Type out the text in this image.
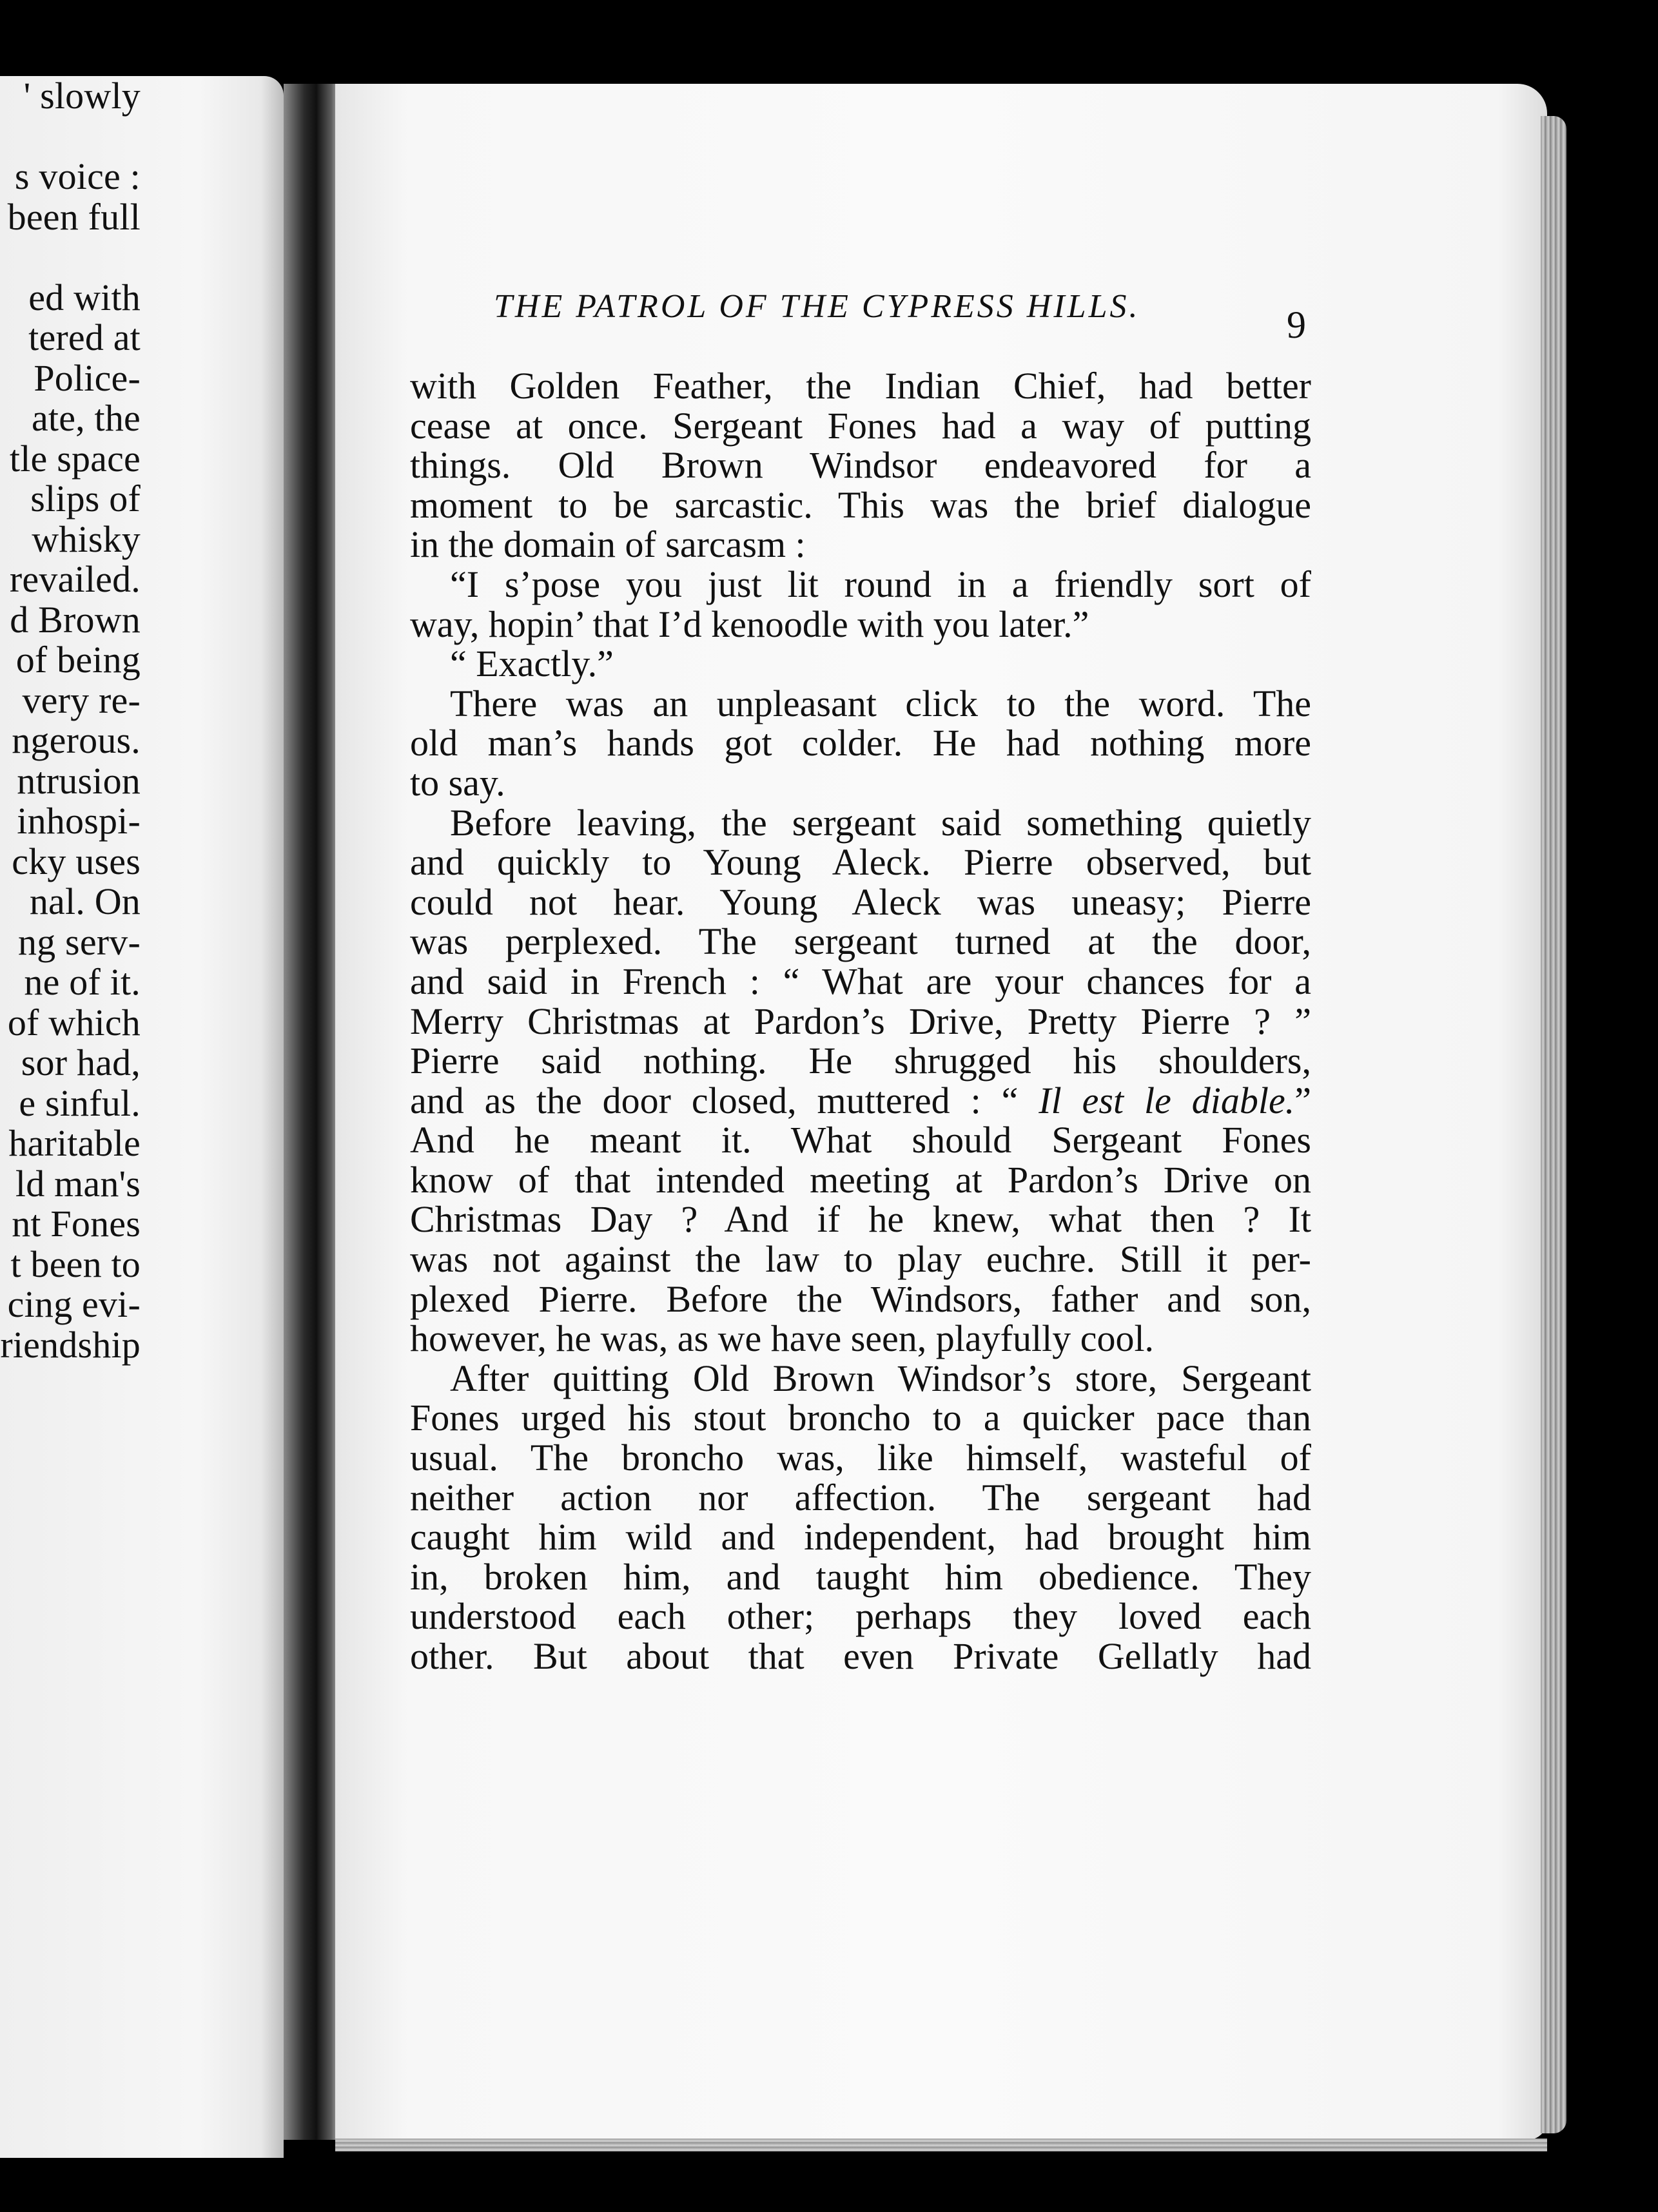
' slowly
s voice :
been full
ed with
tered at
Police-
ate, the
tle space
slips of
whisky
revailed.
d Brown
of being
very re-
ngerous.
ntrusion
inhospi-
cky uses
nal. On
ng serv-
ne of it.
of which
sor had,
e sinful.
haritable
ld man's
nt Fones
t been to
cing evi-
riendship
THE PATROL OF THE CYPRESS HILLS.	9
with Golden Feather, the Indian Chief, had better
cease at once. Sergeant Fones had a way of putting
things. Old Brown Windsor endeavored for a
moment to be sarcastic. This was the brief dialogue
in the domain of sarcasm :
“I s’pose you just lit round in a friendly sort of
way, hopin’ that I’d kenoodle with you later.”
“ Exactly.”
There was an unpleasant click to the word. The
old man’s hands got colder. He had nothing more
to say.
Before leaving, the sergeant said something quietly
and quickly to Young Aleck. Pierre observed, but
could not hear. Young Aleck was uneasy; Pierre
was perplexed. The sergeant turned at the door,
and said in French : “ What are your chances for a
Merry Christmas at Pardon’s Drive, Pretty Pierre ? ”
Pierre said nothing. He shrugged his shoulders,
and as the door closed, muttered : “ Il est le diable.”
And he meant it. What should Sergeant Fones
know of that intended meeting at Pardon’s Drive on
Christmas Day ? And if he knew, what then ? It
was not against the law to play euchre. Still it per-
plexed Pierre. Before the Windsors, father and son,
however, he was, as we have seen, playfully cool.
After quitting Old Brown Windsor’s store, Sergeant
Fones urged his stout broncho to a quicker pace than
usual. The broncho was, like himself, wasteful of
neither action nor affection. The sergeant had
caught him wild and independent, had brought him
in, broken him, and taught him obedience. They
understood each other; perhaps they loved each
other. But about that even Private Gellatly had
